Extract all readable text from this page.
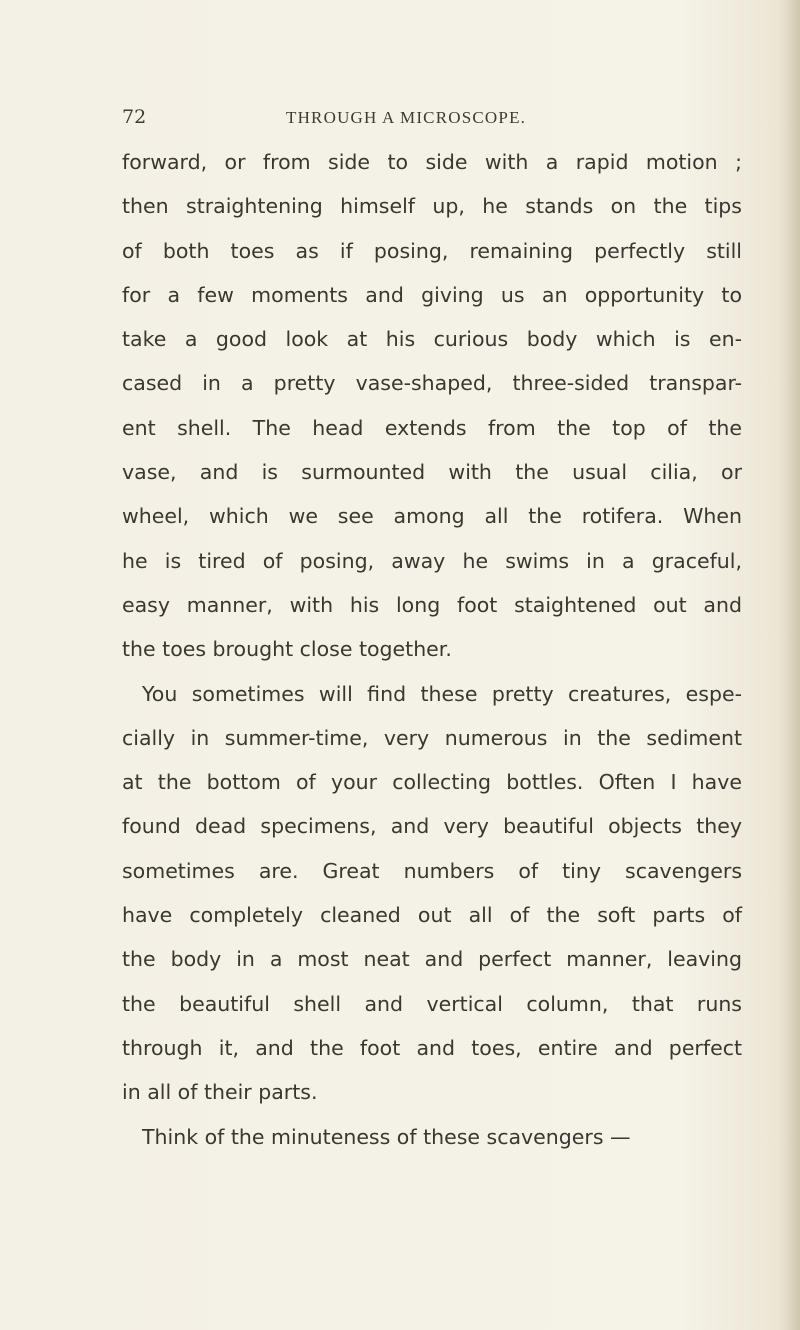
72	THROUGH A MICROSCOPE.
forward, or from side to side with a rapid motion ;
then straightening himself up, he stands on the tips
of both toes as if posing, remaining perfectly still
for a few moments and giving us an opportunity to
take a good look at his curious body which is en-
cased in a pretty vase-shaped, three-sided transpar-
ent shell. The head extends from the top of the
vase, and is surmounted with the usual cilia, or
wheel, which we see among all the rotifera. When
he is tired of posing, away he swims in a graceful,
easy manner, with his long foot staightened out and
the toes brought close together.
You sometimes will find these pretty creatures, espe-
cially in summer-time, very numerous in the sediment
at the bottom of your collecting bottles. Often I have
found dead specimens, and very beautiful objects they
sometimes are. Great numbers of tiny scavengers
have completely cleaned out all of the soft parts of
the body in a most neat and perfect manner, leaving
the beautiful shell and vertical column, that runs
through it, and the foot and toes, entire and perfect
in all of their parts.
Think of the minuteness of these scavengers —
